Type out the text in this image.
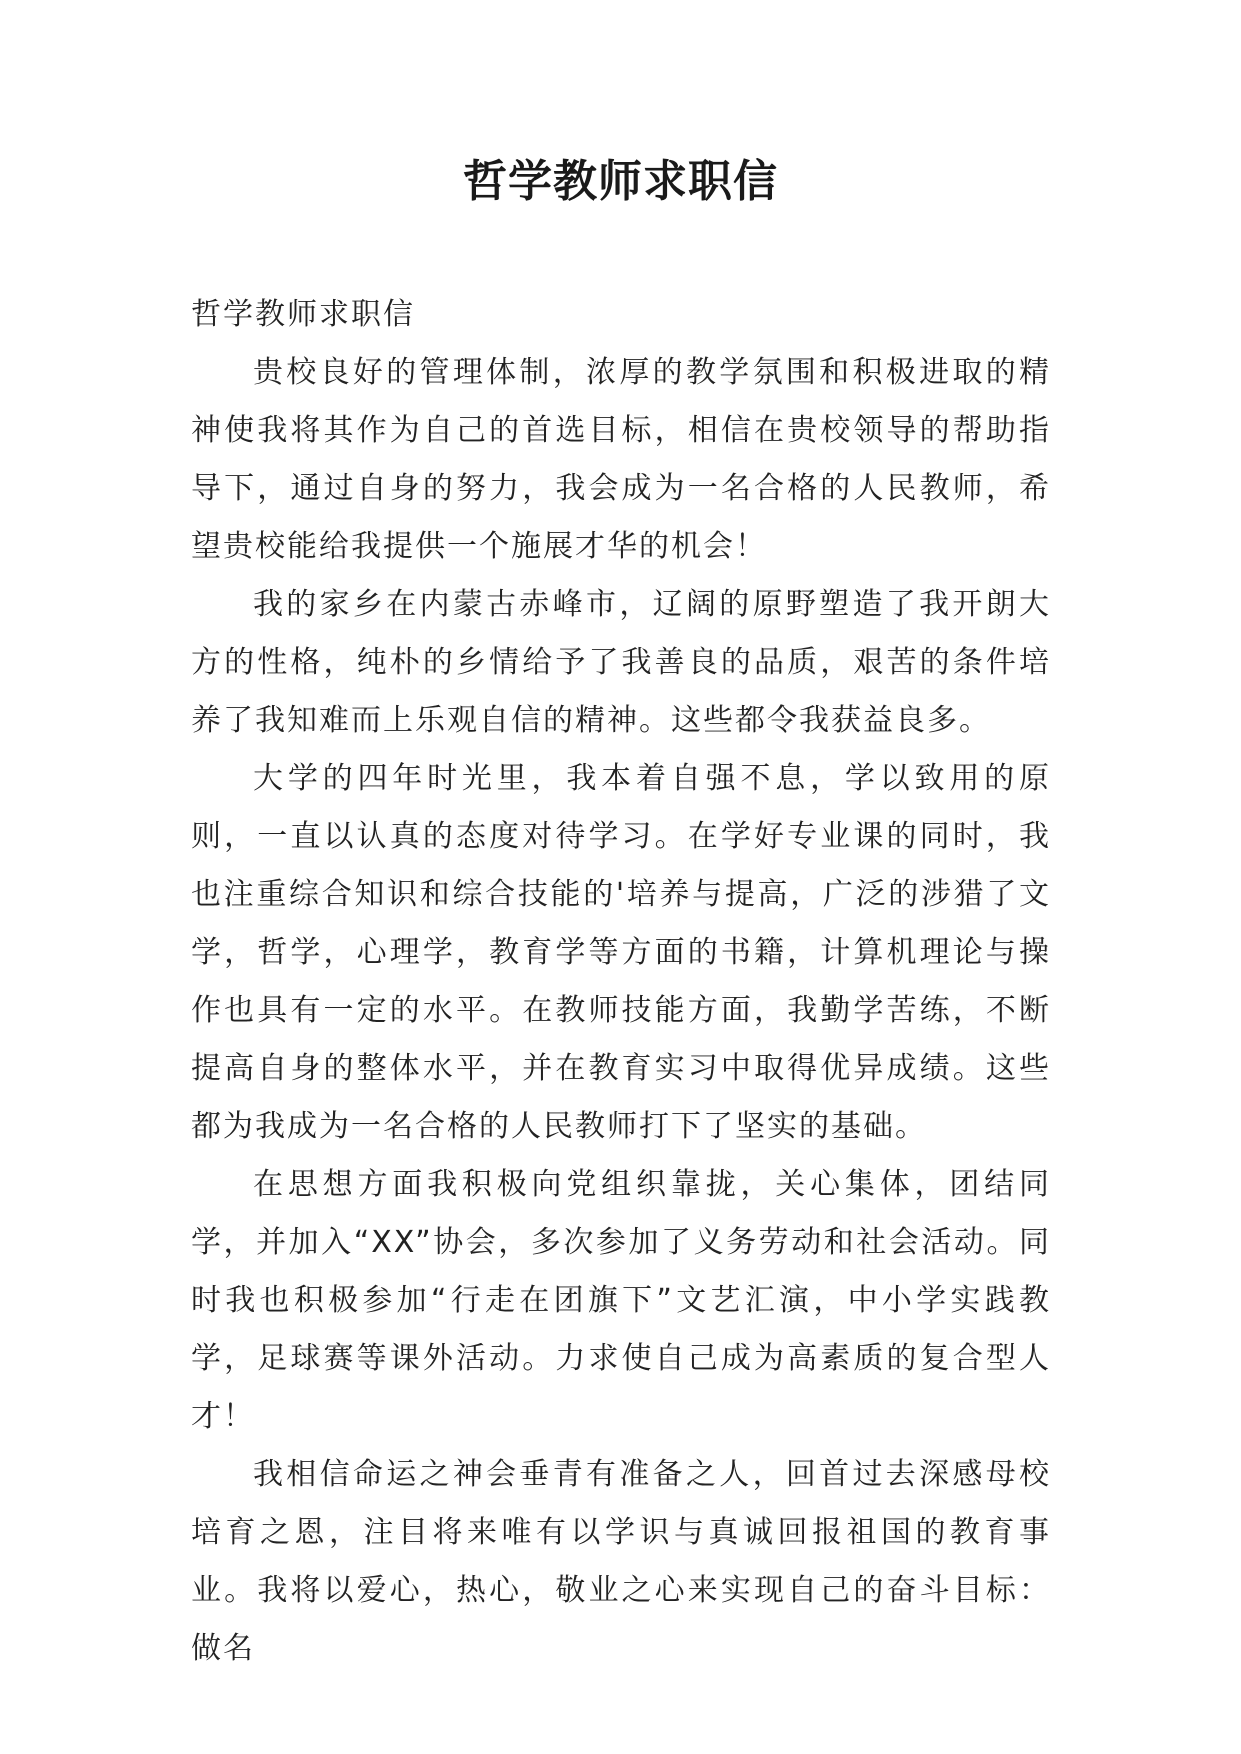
哲学教师求职信

哲学教师求职信

贵校良好的管理体制，浓厚的教学氛围和积极进取的精神使我将其作为自己的首选目标，相信在贵校领导的帮助指导下，通过自身的努力，我会成为一名合格的人民教师，希望贵校能给我提供一个施展才华的机会！

我的家乡在内蒙古赤峰市，辽阔的原野塑造了我开朗大方的性格，纯朴的乡情给予了我善良的品质，艰苦的条件培养了我知难而上乐观自信的精神。这些都令我获益良多。

大学的四年时光里，我本着自强不息，学以致用的原则，一直以认真的态度对待学习。在学好专业课的同时，我也注重综合知识和综合技能的'培养与提高，广泛的涉猎了文学，哲学，心理学，教育学等方面的书籍，计算机理论与操作也具有一定的水平。在教师技能方面，我勤学苦练，不断提高自身的整体水平，并在教育实习中取得优异成绩。这些都为我成为一名合格的人民教师打下了坚实的基础。

在思想方面我积极向党组织靠拢，关心集体，团结同学，并加入“XX”协会，多次参加了义务劳动和社会活动。同时我也积极参加“行走在团旗下”文艺汇演，中小学实践教学，足球赛等课外活动。力求使自己成为高素质的复合型人才！

我相信命运之神会垂青有准备之人，回首过去深感母校培育之恩，注目将来唯有以学识与真诚回报祖国的教育事业。我将以爱心，热心，敬业之心来实现自己的奋斗目标：做名
